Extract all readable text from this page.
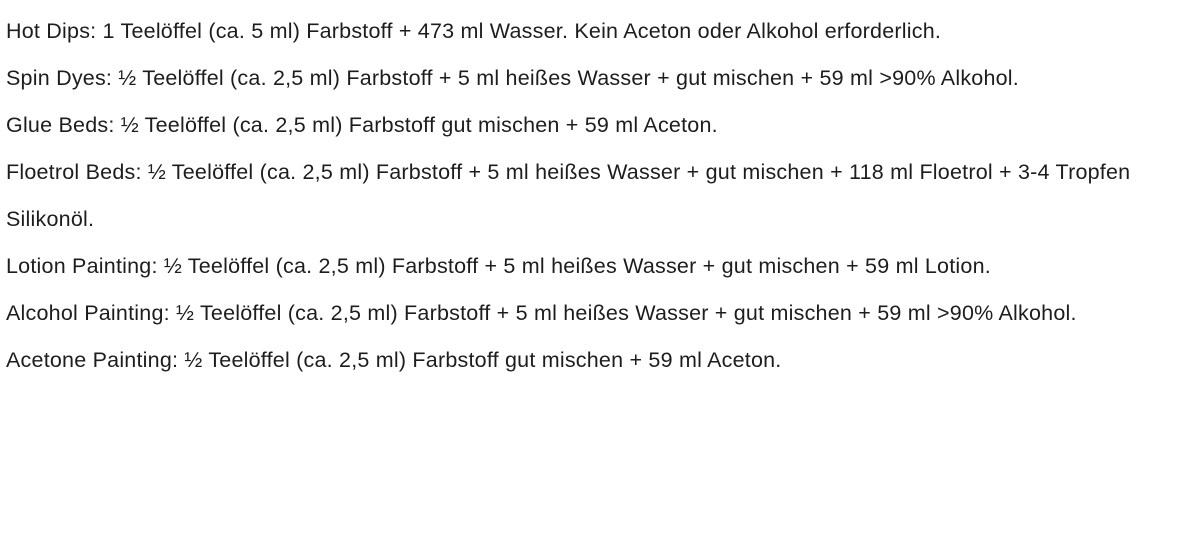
Hot Dips: 1 Teelöffel (ca. 5 ml) Farbstoff + 473 ml Wasser. Kein Aceton oder Alkohol erforderlich.

Spin Dyes: ½ Teelöffel (ca. 2,5 ml) Farbstoff + 5 ml heißes Wasser + gut mischen + 59 ml >90% Alkohol.

Glue Beds: ½ Teelöffel (ca. 2,5 ml) Farbstoff gut mischen + 59 ml Aceton.

Floetrol Beds: ½ Teelöffel (ca. 2,5 ml) Farbstoff + 5 ml heißes Wasser + gut mischen + 118 ml Floetrol + 3-4 Tropfen Silikonöl.

Lotion Painting: ½ Teelöffel (ca. 2,5 ml) Farbstoff + 5 ml heißes Wasser + gut mischen + 59 ml Lotion.

Alcohol Painting: ½ Teelöffel (ca. 2,5 ml) Farbstoff + 5 ml heißes Wasser + gut mischen + 59 ml >90% Alkohol.

Acetone Painting: ½ Teelöffel (ca. 2,5 ml) Farbstoff gut mischen + 59 ml Aceton.
